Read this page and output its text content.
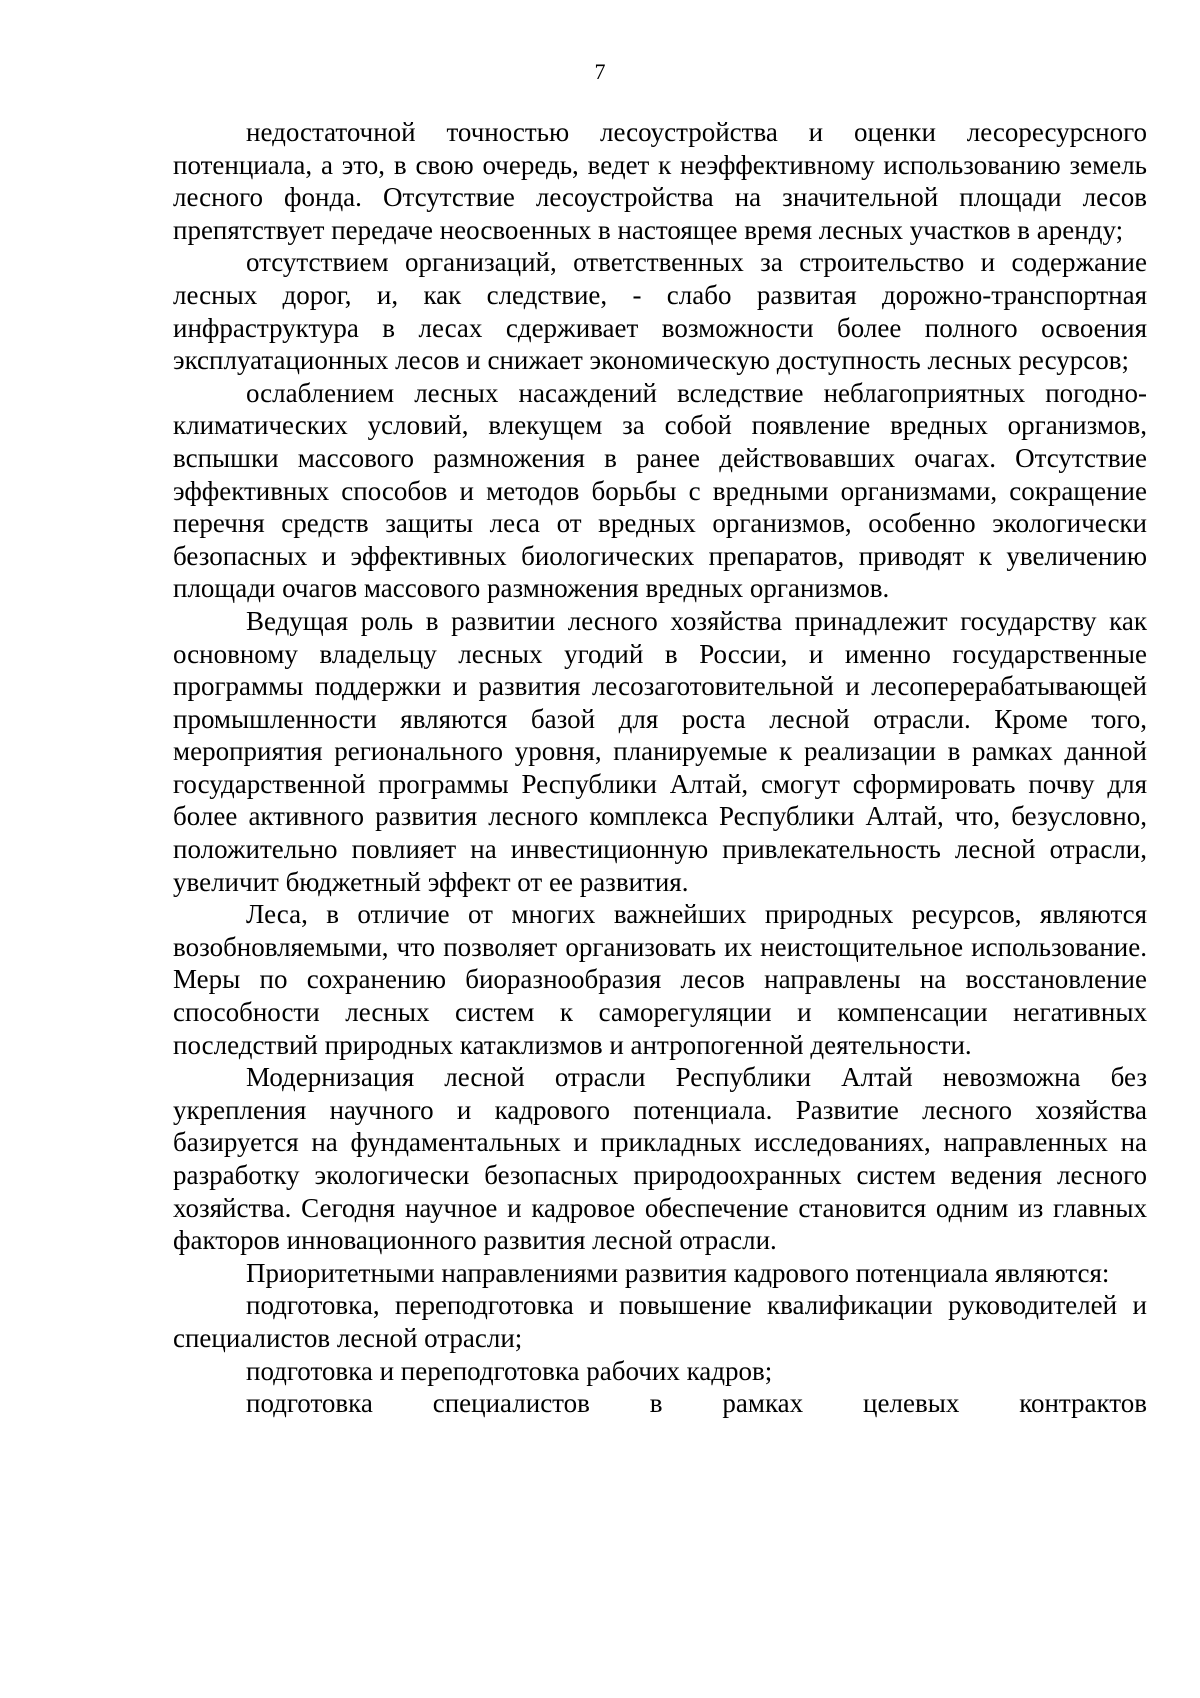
7

недостаточной точностью лесоустройства и оценки лесоресурсного потенциала, а это, в свою очередь, ведет к неэффективному использованию земель лесного фонда. Отсутствие лесоустройства на значительной площади лесов препятствует передаче неосвоенных в настоящее время лесных участков в аренду;

отсутствием организаций, ответственных за строительство и содержание лесных дорог, и, как следствие, - слабо развитая дорожно-транспортная инфраструктура в лесах сдерживает возможности более полного освоения эксплуатационных лесов и снижает экономическую доступность лесных ресурсов;

ослаблением лесных насаждений вследствие неблагоприятных погодно-климатических условий, влекущем за собой появление вредных организмов, вспышки массового размножения в ранее действовавших очагах. Отсутствие эффективных способов и методов борьбы с вредными организмами, сокращение перечня средств защиты леса от вредных организмов, особенно экологически безопасных и эффективных биологических препаратов, приводят к увеличению площади очагов массового размножения вредных организмов.

Ведущая роль в развитии лесного хозяйства принадлежит государству как основному владельцу лесных угодий в России, и именно государственные программы поддержки и развития лесозаготовительной и лесоперерабатывающей промышленности являются базой для роста лесной отрасли. Кроме того, мероприятия регионального уровня, планируемые к реализации в рамках данной государственной программы Республики Алтай, смогут сформировать почву для более активного развития лесного комплекса Республики Алтай, что, безусловно, положительно повлияет на инвестиционную привлекательность лесной отрасли, увеличит бюджетный эффект от ее развития.

Леса, в отличие от многих важнейших природных ресурсов, являются возобновляемыми, что позволяет организовать их неистощительное использование. Меры по сохранению биоразнообразия лесов направлены на восстановление способности лесных систем к саморегуляции и компенсации негативных последствий природных катаклизмов и антропогенной деятельности.

Модернизация лесной отрасли Республики Алтай невозможна без укрепления научного и кадрового потенциала. Развитие лесного хозяйства базируется на фундаментальных и прикладных исследованиях, направленных на разработку экологически безопасных природоохранных систем ведения лесного хозяйства. Сегодня научное и кадровое обеспечение становится одним из главных факторов инновационного развития лесной отрасли.

Приоритетными направлениями развития кадрового потенциала являются:

подготовка, переподготовка и повышение квалификации руководителей и специалистов лесной отрасли;

подготовка и переподготовка рабочих кадров;

подготовка специалистов в рамках целевых контрактов
